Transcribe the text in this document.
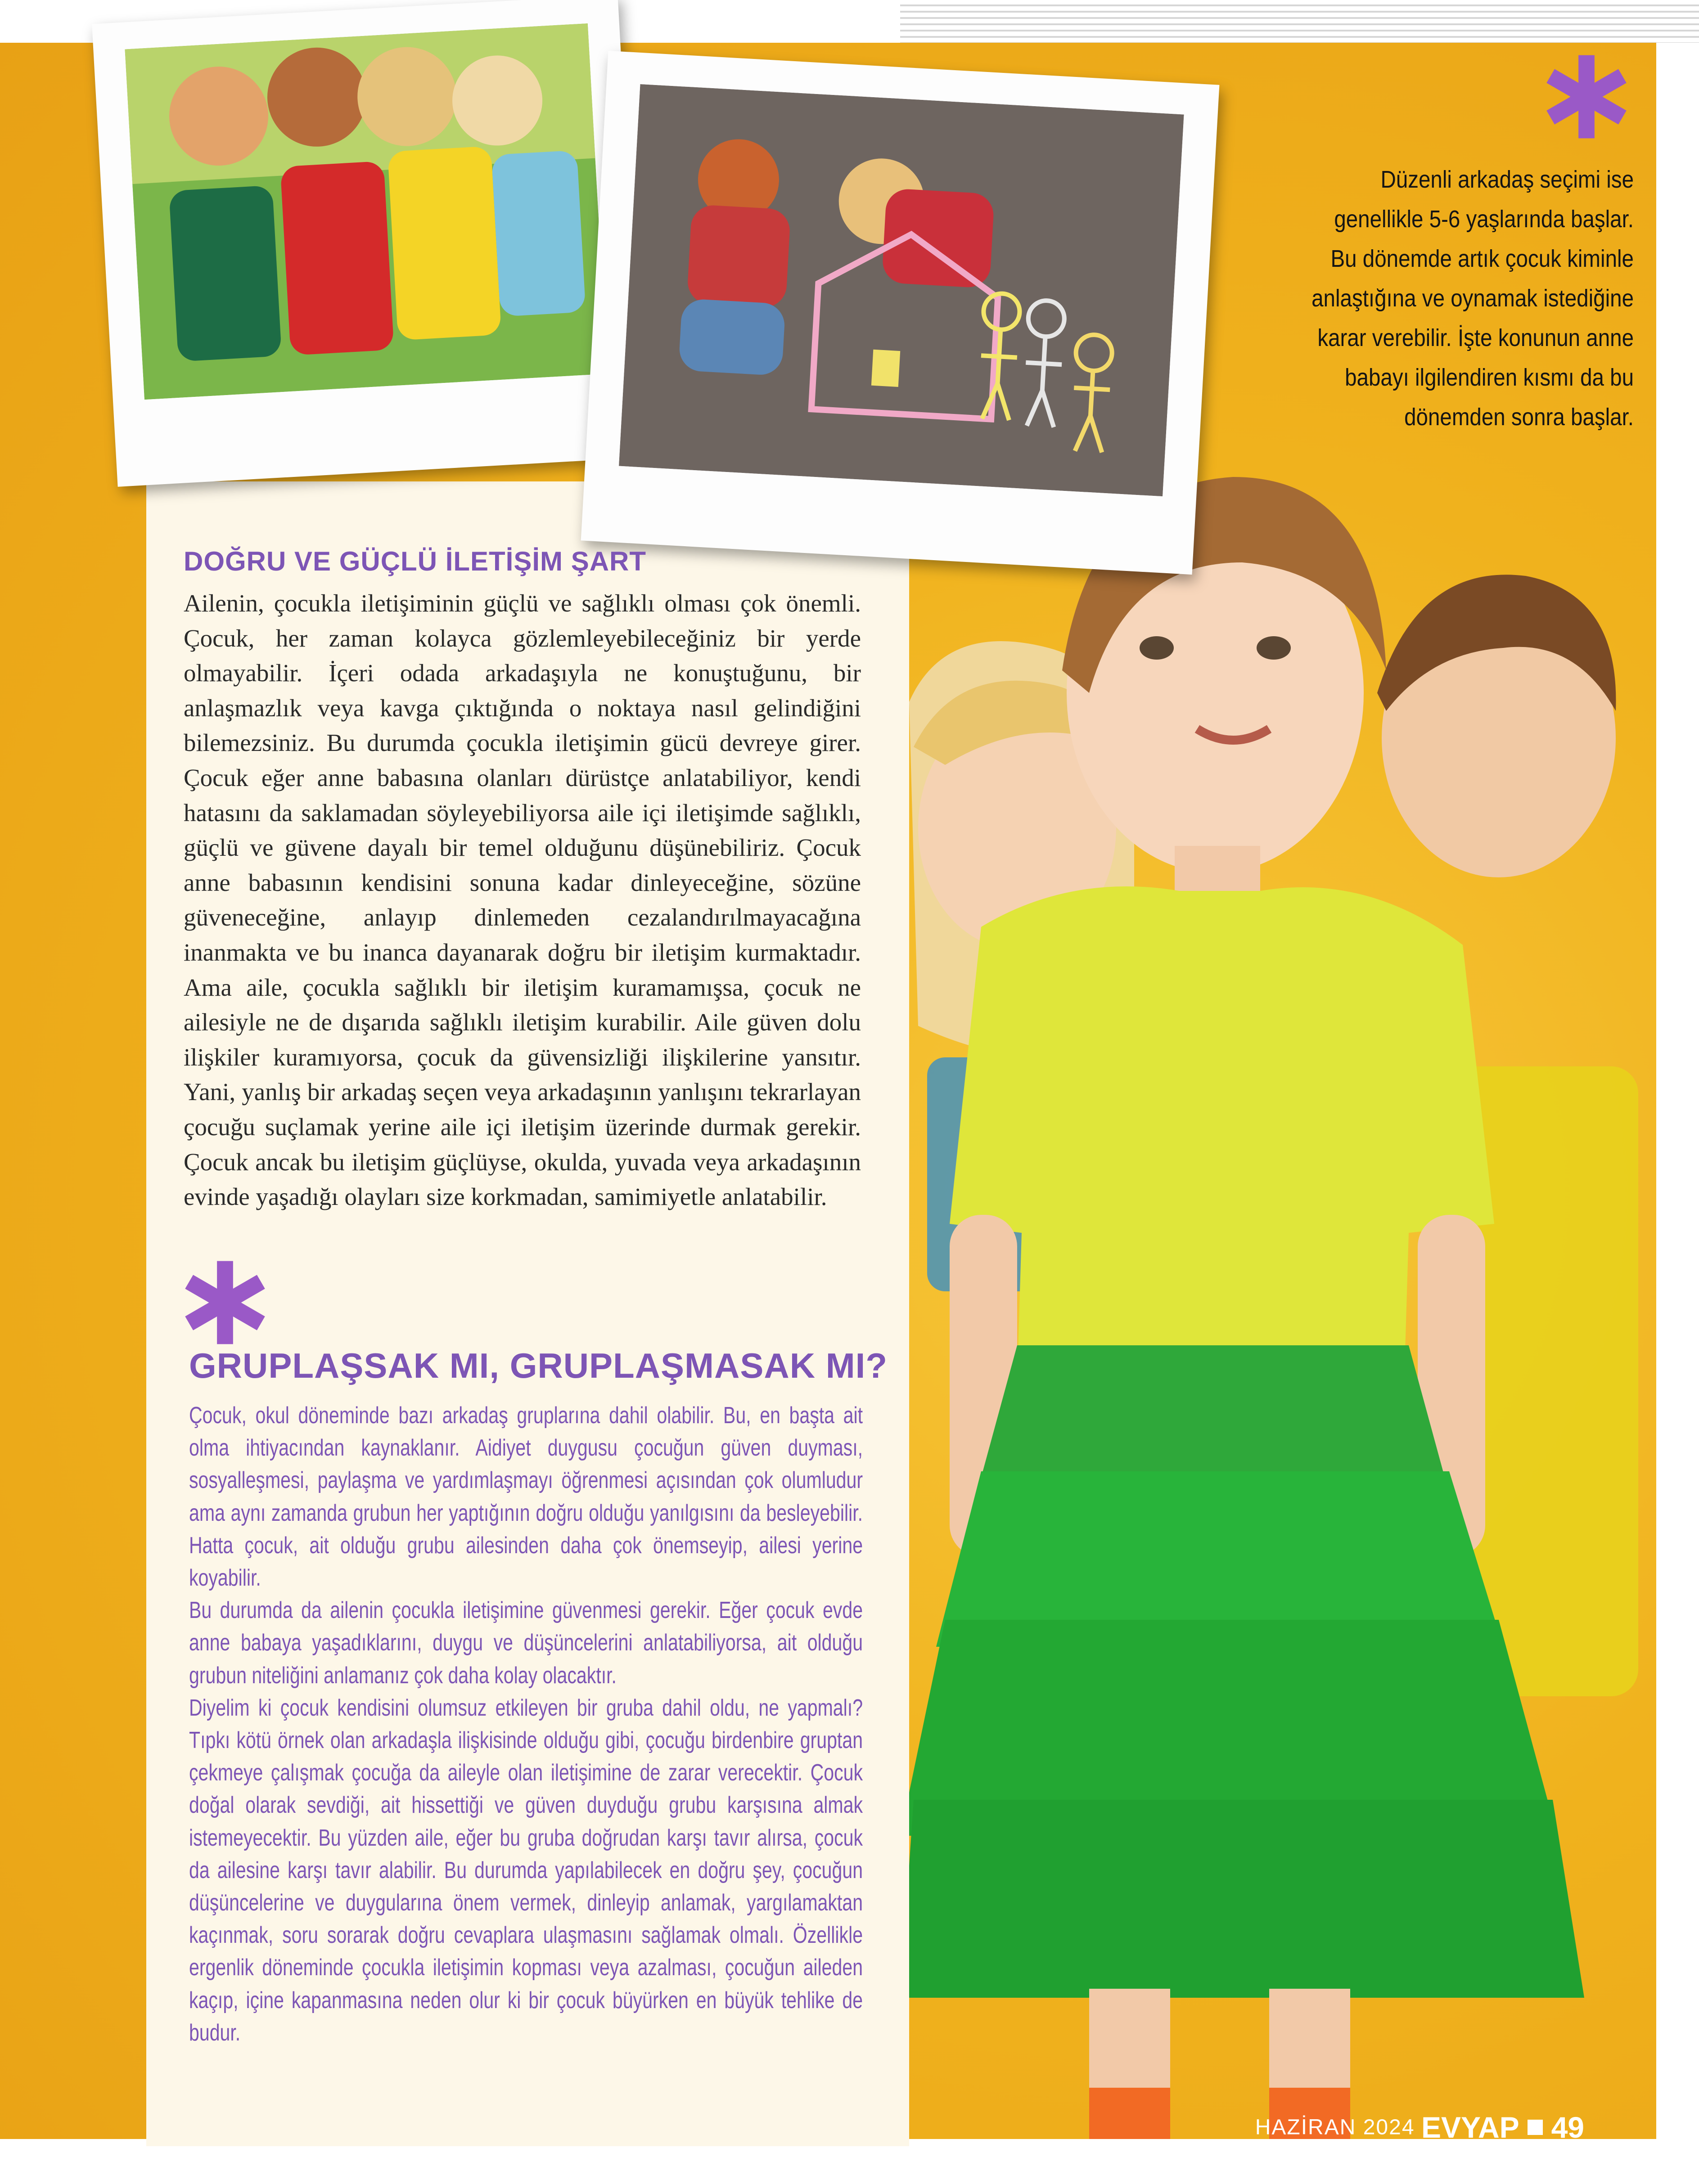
Düzenli arkadaş seçimi ise
genellikle 5-6 yaşlarında başlar.
Bu dönemde artık çocuk kiminle
anlaştığına ve oynamak istediğine
karar verebilir. İşte konunun anne
babayı ilgilendiren kısmı da bu
dönemden sonra başlar.
DOĞRU VE GÜÇLÜ İLETİŞİM ŞART
Ailenin, çocukla iletişiminin güçlü ve sağlıklı olması çok önemli. Çocuk, her zaman kolayca gözlemleyebileceğiniz bir yerde olmayabilir. İçeri odada arkadaşıyla ne konuştuğunu, bir anlaşmazlık veya kavga çıktığında o noktaya nasıl gelindiğini bilemezsiniz. Bu durumda çocukla iletişimin gücü devreye girer. Çocuk eğer anne babasına olanları dürüstçe anlatabiliyor, kendi hatasını da saklamadan söyleyebiliyorsa aile içi iletişimde sağlıklı, güçlü ve güvene dayalı bir temel olduğunu düşünebiliriz. Çocuk anne babasının kendisini sonuna kadar dinleyeceğine, sözüne güveneceğine, anlayıp dinlemeden cezalandırılmayacağına inanmakta ve bu inanca dayanarak doğru bir iletişim kurmaktadır. Ama aile, çocukla sağlıklı bir iletişim kuramamışsa, çocuk ne ailesiyle ne de dışarıda sağlıklı iletişim kurabilir. Aile güven dolu ilişkiler kuramıyorsa, çocuk da güvensizliği ilişkilerine yansıtır. Yani, yanlış bir arkadaş seçen veya arkadaşının yanlışını tekrarlayan çocuğu suçlamak yerine aile içi iletişim üzerinde durmak gerekir. Çocuk ancak bu iletişim güçlüyse, okulda, yuvada veya arkadaşının evinde yaşadığı olayları size korkmadan, samimiyetle anlatabilir.
GRUPLAŞSAK MI, GRUPLAŞMASAK MI?
Çocuk, okul döneminde bazı arkadaş gruplarına dahil olabilir. Bu, en başta ait olma ihtiyacından kaynaklanır. Aidiyet duygusu çocuğun güven duyması, sosyalleşmesi, paylaşma ve yardımlaşmayı öğrenmesi açısından çok olumludur ama aynı zamanda grubun her yaptığının doğru olduğu yanılgısını da besleyebilir. Hatta çocuk, ait olduğu grubu ailesinden daha çok önemseyip, ailesi yerine koyabilir.
Bu durumda da ailenin çocukla iletişimine güvenmesi gerekir. Eğer çocuk evde anne babaya yaşadıklarını, duygu ve düşüncelerini anlatabiliyorsa, ait olduğu grubun niteliğini anlamanız çok daha kolay olacaktır.
Diyelim ki çocuk kendisini olumsuz etkileyen bir gruba dahil oldu, ne yapmalı? Tıpkı kötü örnek olan arkadaşla ilişkisinde olduğu gibi, çocuğu birdenbire gruptan çekmeye çalışmak çocuğa da aileyle olan iletişimine de zarar verecektir. Çocuk doğal olarak sevdiği, ait hissettiği ve güven duyduğu grubu karşısına almak istemeyecektir. Bu yüzden aile, eğer bu gruba doğrudan karşı tavır alırsa, çocuk da ailesine karşı tavır alabilir. Bu durumda yapılabilecek en doğru şey, çocuğun düşüncelerine ve duygularına önem vermek, dinleyip anlamak, yargılamaktan kaçınmak, soru sorarak doğru cevaplara ulaşmasını sağlamak olmalı. Özellikle ergenlik döneminde çocukla iletişimin kopması veya azalması, çocuğun aileden kaçıp, içine kapanmasına neden olur ki bir çocuk büyürken en büyük tehlike de budur.
HAZİRAN 2024 EVYAP 49
